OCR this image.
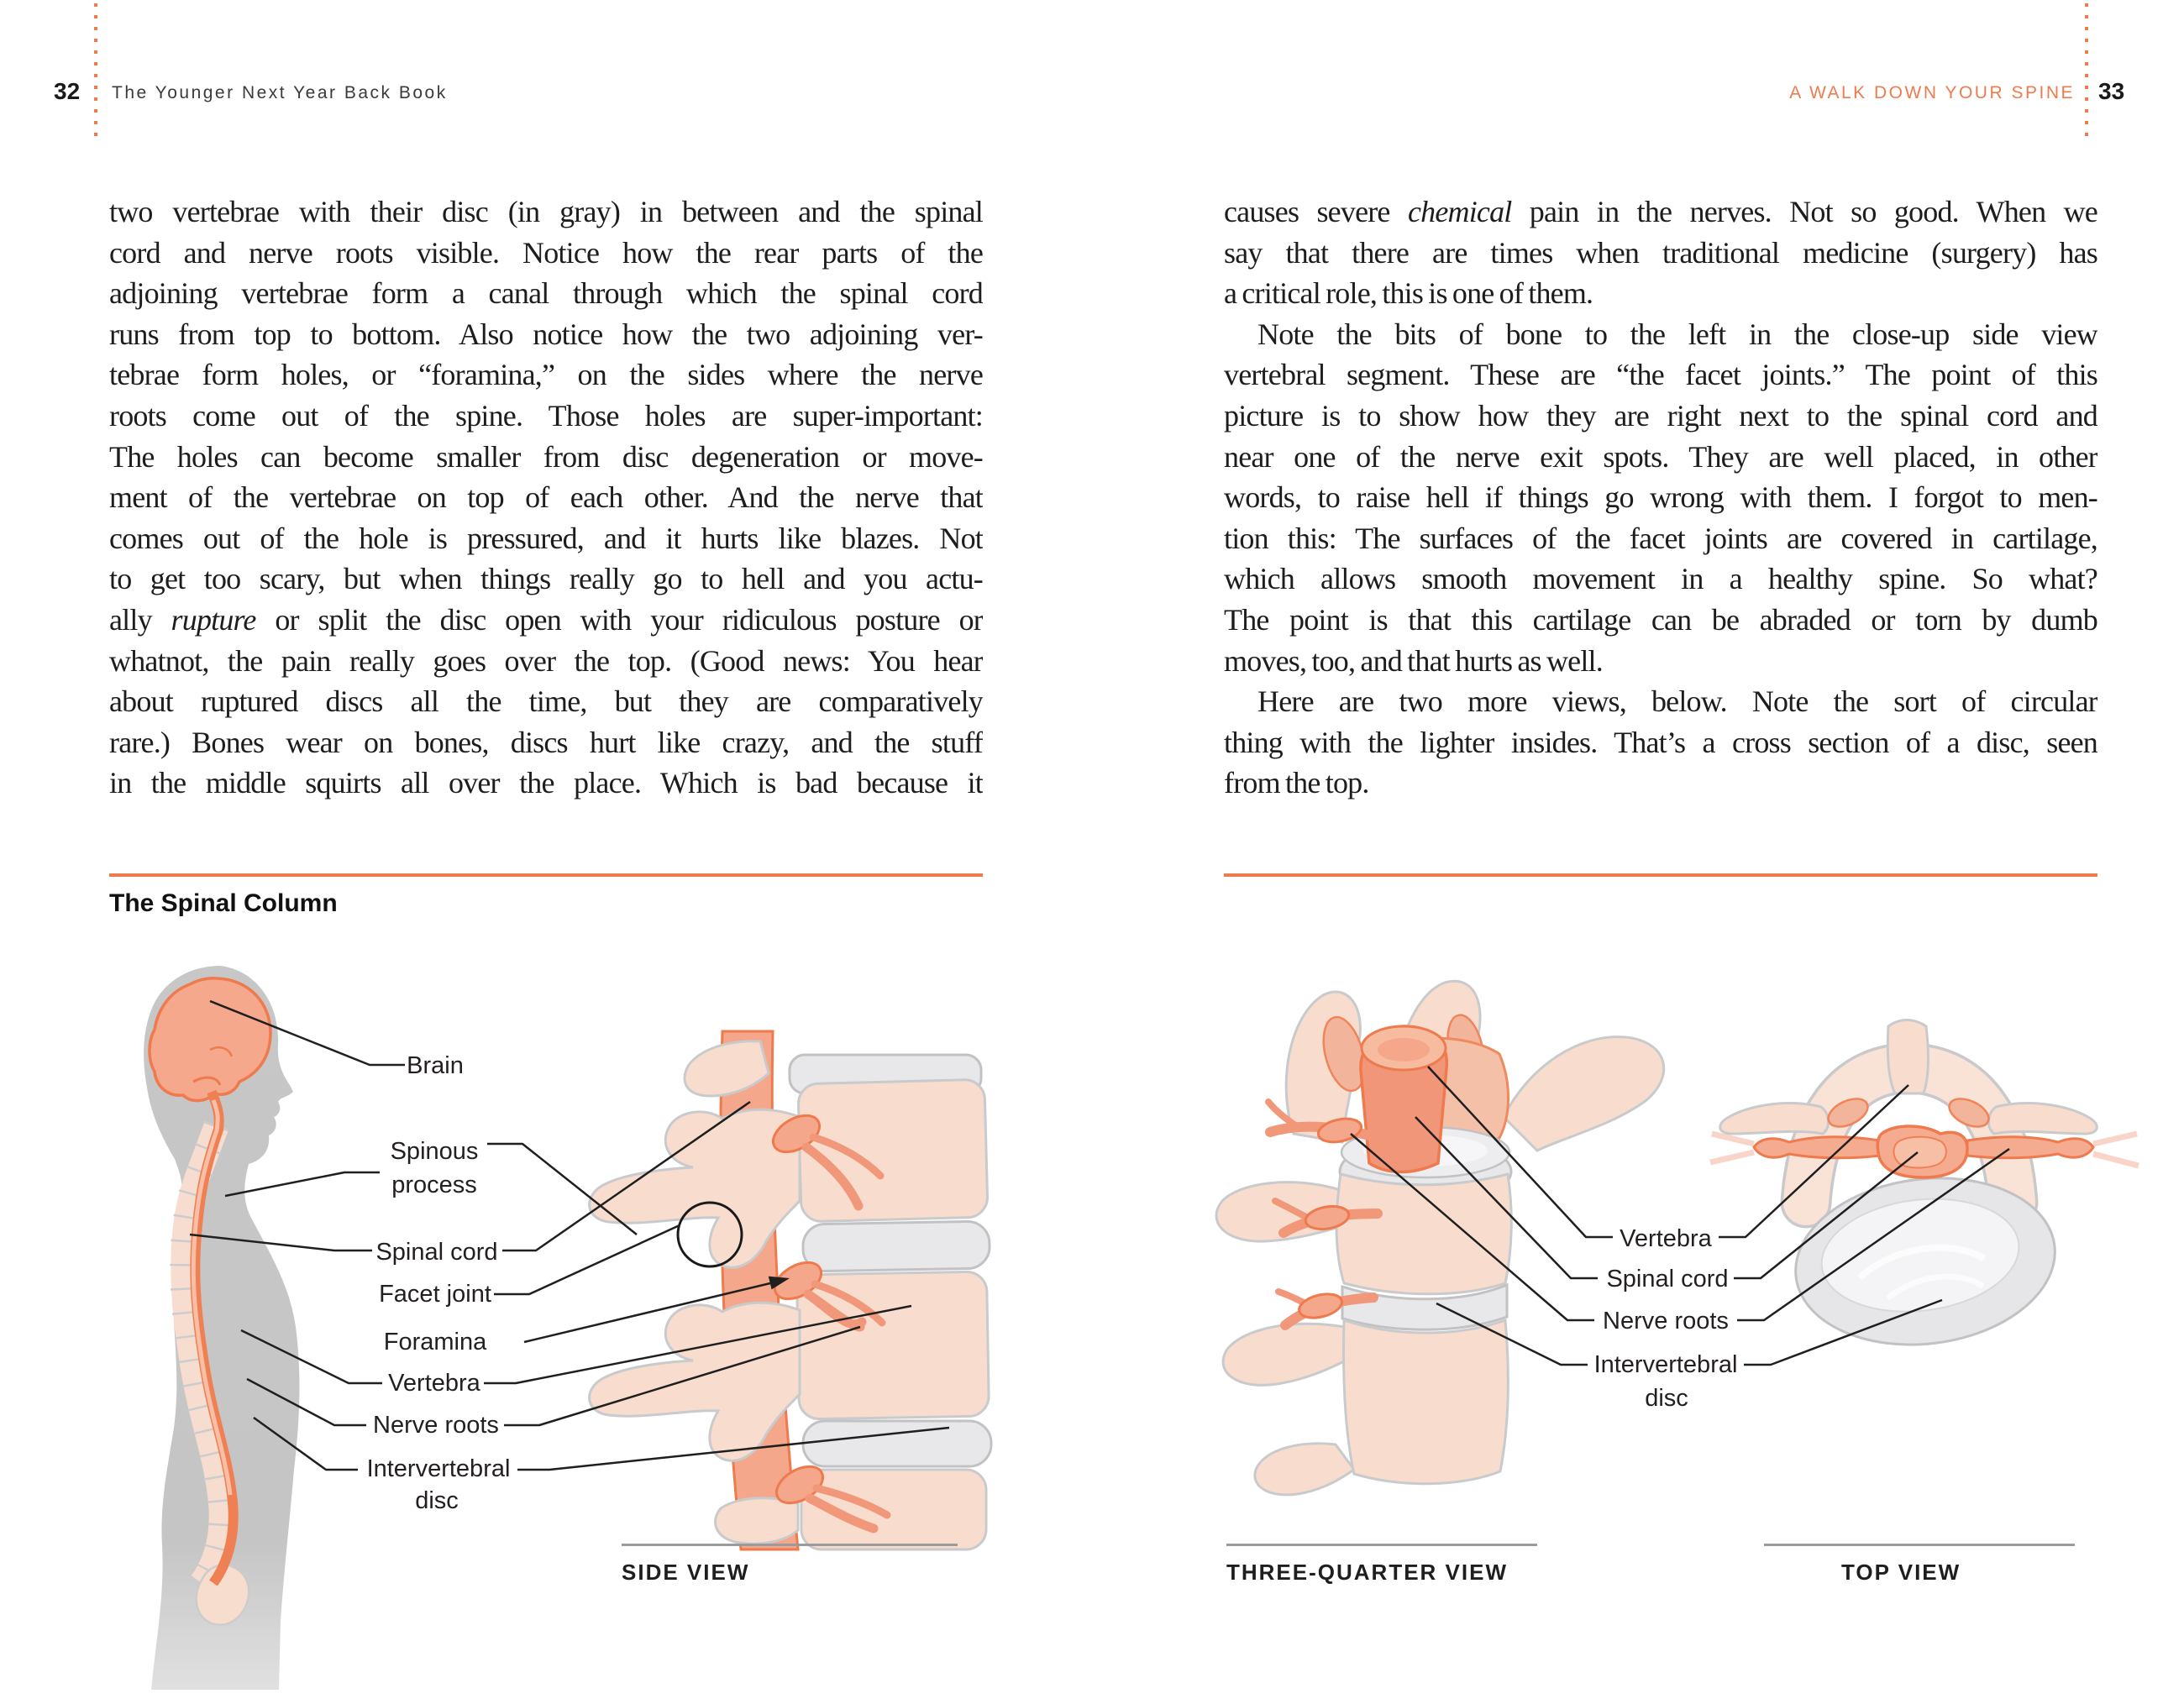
32 The Younger Next Year Back Book	A WALK DOWN YOUR SPINE 33
two vertebrae with their disc (in gray) in between and the spinal
cord and nerve roots visible. Notice how the rear parts of the
adjoining vertebrae form a canal through which the spinal cord
runs from top to bottom. Also notice how the two adjoining ver-
tebrae form holes, or “foramina,” on the sides where the nerve
roots come out of the spine. Those holes are super-important:
The holes can become smaller from disc degeneration or move-
ment of the vertebrae on top of each other. And the nerve that
comes out of the hole is pressured, and it hurts like blazes. Not
to get too scary, but when things really go to hell and you actu-
ally rupture or split the disc open with your ridiculous posture or
whatnot, the pain really goes over the top. (Good news: You hear
about ruptured discs all the time, but they are comparatively
rare.) Bones wear on bones, discs hurt like crazy, and the stuff
in the middle squirts all over the place. Which is bad because it
causes severe chemical pain in the nerves. Not so good. When we
say that there are times when traditional medicine (surgery) has
a critical role, this is one of them.
Note the bits of bone to the left in the close-up side view
vertebral segment. These are “the facet joints.” The point of this
picture is to show how they are right next to the spinal cord and
near one of the nerve exit spots. They are well placed, in other
words, to raise hell if things go wrong with them. I forgot to men-
tion this: The surfaces of the facet joints are covered in cartilage,
which allows smooth movement in a healthy spine. So what?
The point is that this cartilage can be abraded or torn by dumb
moves, too, and that hurts as well.
Here are two more views, below. Note the sort of circular
thing with the lighter insides. That’s a cross section of a disc, seen
from the top.
The Spinal Column
Brain
Spinous
process
Spinal cord
Facet joint
Foramina
Vertebra
Nerve roots
Intervertebral
disc
Vertebra
Spinal cord
Nerve roots
Intervertebral
disc
SIDE VIEW	THREE-QUARTER VIEW	TOP VIEW
